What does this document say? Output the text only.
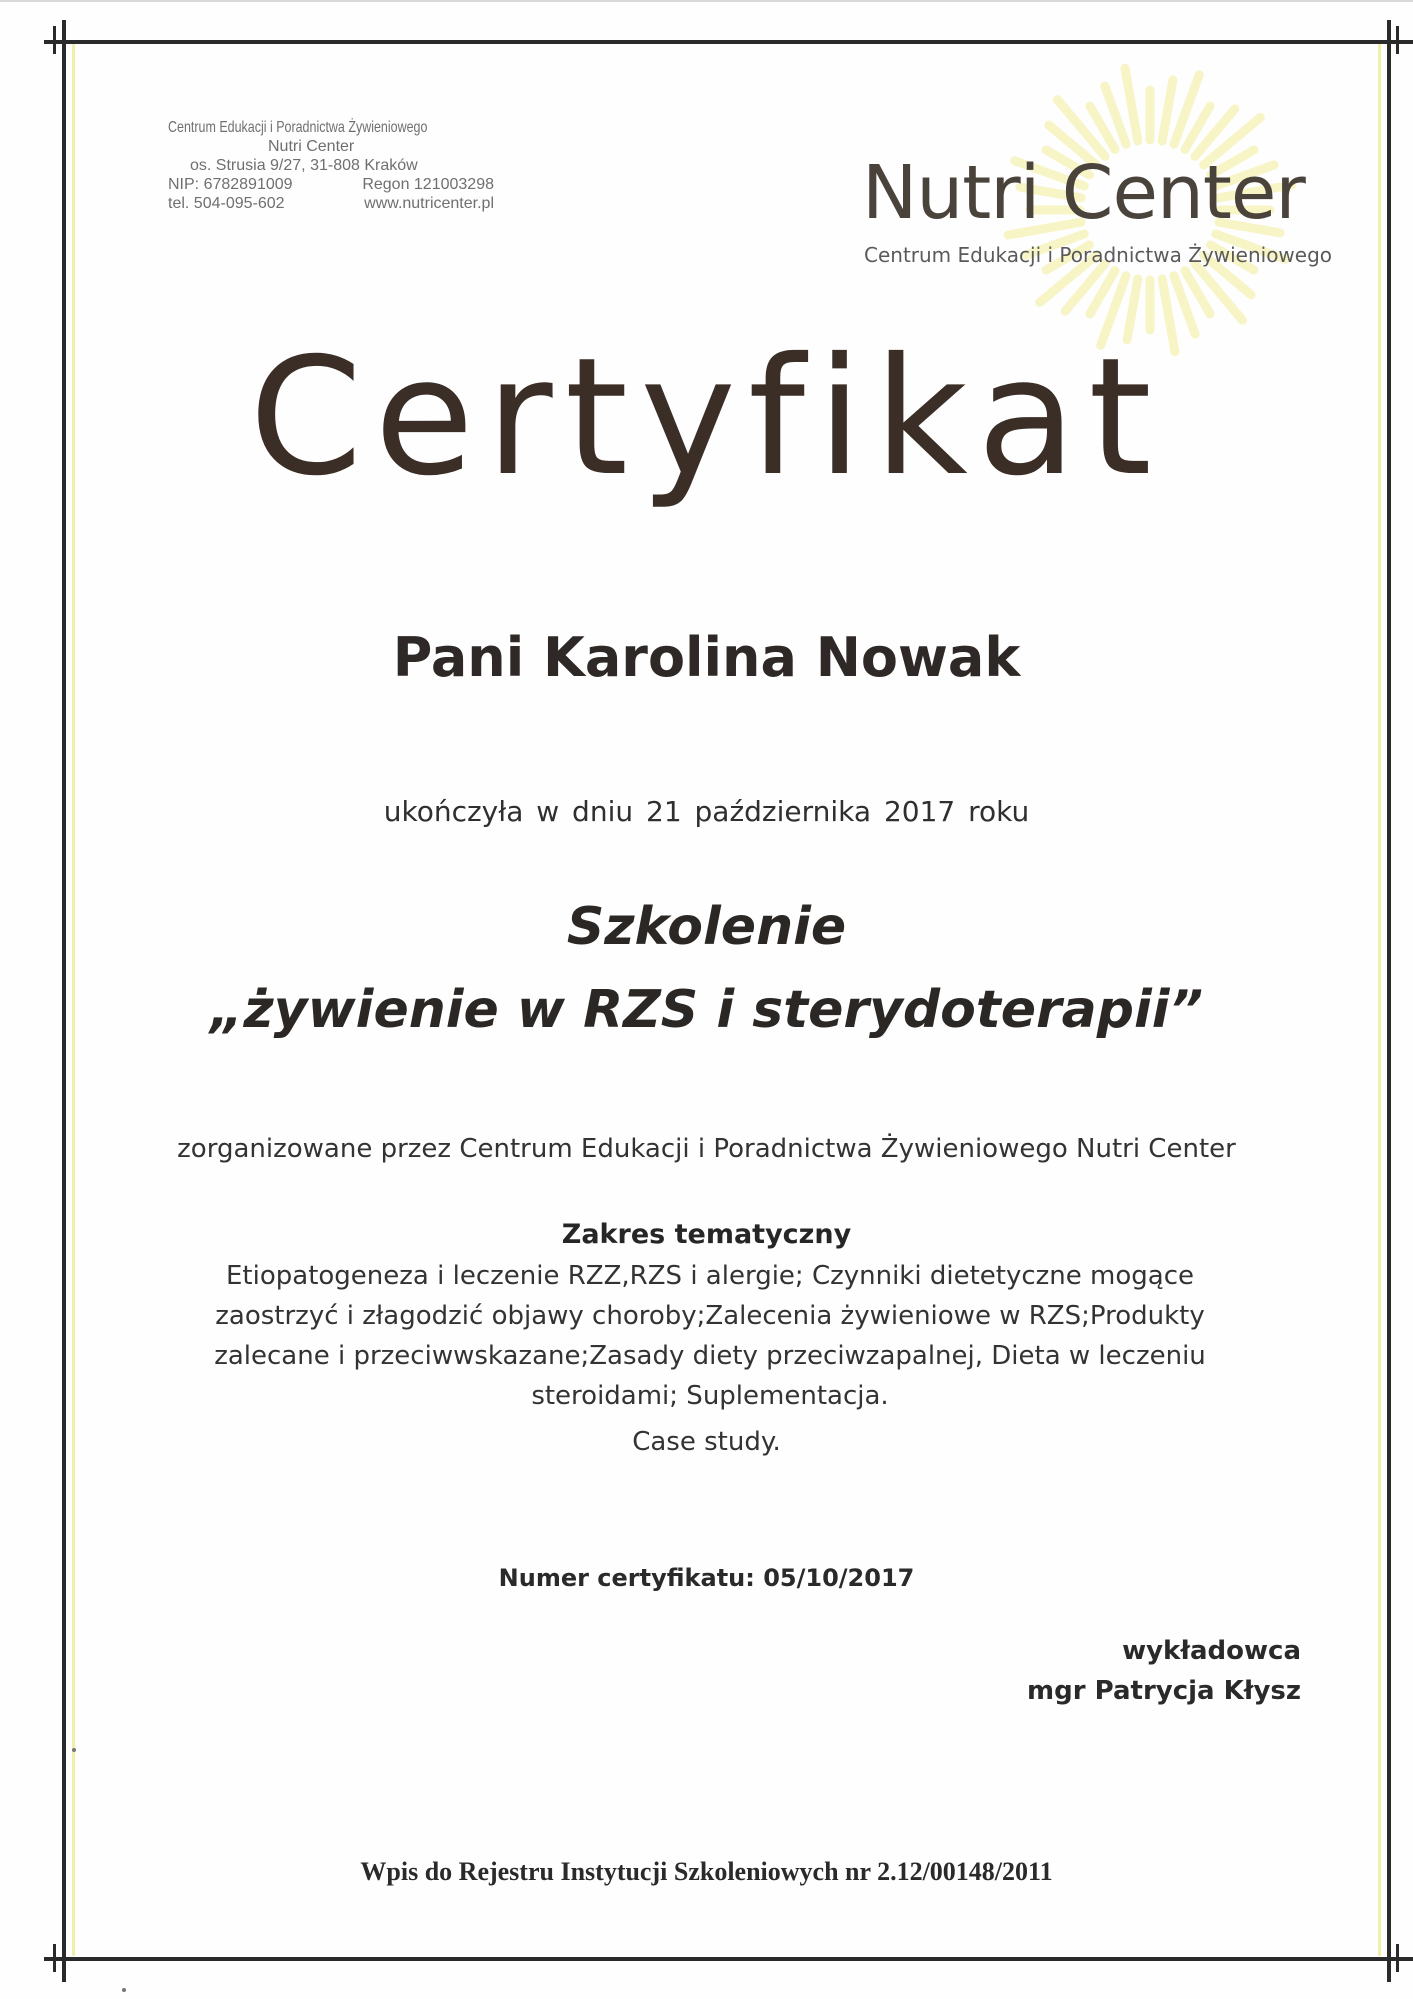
Centrum Edukacji i Poradnictwa Żywieniowego
Nutri Center
os. Strusia 9/27, 31-808 Kraków
NIP: 6782891009	Regon 121003298
tel. 504-095-602	www.nutricenter.pl	Nutri Center
Centrum Edukacji i Poradnictwa Żywieniowego
Certyfikat
Pani Karolina Nowak
ukończyła w dniu 21 października 2017 roku
Szkolenie
„żywienie w RZS i sterydoterapii”
zorganizowane przez Centrum Edukacji i Poradnictwa Żywieniowego Nutri Center
Zakres tematyczny
Etiopatogeneza i leczenie RZZ,RZS i alergie; Czynniki dietetyczne mogące zaostrzyć i złagodzić objawy choroby;Zalecenia żywieniowe w RZS;Produkty zalecane i przeciwwskazane;Zasady diety przeciwzapalnej, Dieta w leczeniu steroidami; Suplementacja.
Case study.
Numer certyfikatu: 05/10/2017
wykładowca
mgr Patrycja Kłysz
Wpis do Rejestru Instytucji Szkoleniowych nr 2.12/00148/2011
